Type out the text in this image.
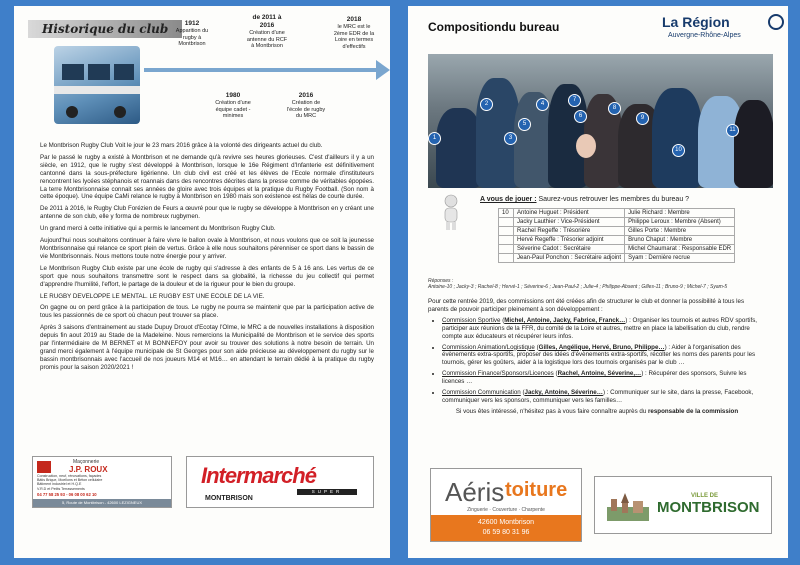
Historique du club	1912
Apparition du rugby à Montbrison
1980
Création d'une équipe cadet - minimes
de 2011 à 2016
Création d'une antenne du RCF à Montbrison
2016
Création de l'école de rugby du MRC
2018
le MRC est le 2ème EDR de la Loire en termes d'effectifs

Le Montbrison Rugby Club Voit le jour le 23 mars 2016 grâce à la volonté des dirigeants actuel du club.

Par le passé le rugby a existé à Montbrison et ne demande qu'à revivre ses heures glorieuses. C'est d'ailleurs il y a un siècle, en 1912, que le rugby s'est développé à Montbrison, lorsque le 16e Régiment d'Infanterie est définitivement cantonné dans la sous-préfecture ligérienne. Un club civil est créé et les élèves de l'Ecole normale d'instituteurs rencontrent les lycées stéphanois et roannais dans des rencontres décrites dans la presse comme de véritables épopées. La terre Montbrisonnaise connait ses années de gloire avec trois équipes et la pratique du Rugby Football. (Son nom à cette époque). Une équipe CaMi relance le rugby à Montbrison en 1980 mais son existence est hélas de courte durée.

De 2011 à 2016, le Rugby Club Forézien de Feurs a œuvré pour que le rugby se développe à Montbrison en y créant une antenne de son club, elle y forma de nombreux rugbymen.

Un grand merci à cette initiative qui a permis le lancement du Montbrison Rugby Club.

Aujourd'hui nous souhaitons continuer à faire vivre le ballon ovale à Montbrison, et nous voulons que ce soit la jeunesse Montbrisonnaise qui relance ce sport plein de vertus. Grâce à elle nous souhaitons pérenniser ce sport dans le bassin de vie Montbrisonnais. Nous mettons toute notre énergie pour y arriver.

Le Montbrison Rugby Club existe par une école de rugby qui s'adresse à des enfants de 5 à 16 ans. Les vertus de ce sport que nous souhaitons transmettre sont le respect dans sa globalité, la richesse du jeu collectif qui permet d'apprendre l'humilité, l'effort, le partage de la douleur et de la rigueur pour le bien du groupe.

LE RUGBY DEVELOPPE LE MENTAL. LE RUGBY EST UNE ECOLE DE LA VIE.

On gagne ou on perd grâce à la participation de tous. Le rugby ne pourra se maintenir que par la participation active de tous les passionnés de ce sport où chacun peut trouver sa place.

Après 3 saisons d'entrainement au stade Dupuy Drouot d'Ecotay l'Olme, le MRC a de nouvelles installations à disposition depuis fin aout 2019 au Stade de la Madeleine. Nous remercions la Municipalité de Montbrison et le service des sports par l'intermédiaire de M BERNET et M BONNEFOY pour avoir su trouver des solutions à notre besoin de terrain. Un grand merci également à l'équipe municipale de St Georges pour son aide précieuse au développement du rugby sur le bassin montbrisonnais avec l'accueil de nos joueurs M14 et M16… en attendant le terrain dédié à la pratique du rugby promis pour la saison 2020/2021 !

Maçonnerie
J.P. ROUX
Construction, neuf, rénovations, façades
Bâtis Brique, Moellons et Béton cellulaire
Bâtiment industriel et H.Q.E
V.R.D et Petits Terrassements
04 77 58 25 93 - 06 08 00 62 10
5, Route de Montbrison - 42600 LEZIGNEUX
Intermarché
SUPER
MONTBRISON
Compositiondu bureau	La Région
Auvergne-Rhône-Alpes
1
2
3
4
5
6
7
8
9
10
11
A vous de jouer : Saurez-vous retrouver les membres du bureau ?
10	Antoine Huguet : Président	Julie Richard : Membre
	Jacky Lauthier : Vice-Président	Philippe Leroux : Membre (Absent)
	Rachel Regeffe : Trésorière	Gilles Porte : Membre
	Hervé Regeffe : Trésorier adjoint	Bruno Chaput : Membre
	Séverine Cadot : Secrétaire	Michel Chaumarat : Responsable EDR
	Jean-Paul Ponchon : Secrétaire adjoint	Syam : Dernière recrue
Réponses :
Antoine-10 ; Jacky-3 ; Rachel-8 ; Hervé-1 ; Séverine-6 ; Jean-Paul-2 ; Julie-4 ; Philippe-Absent ; Gilles-11 ; Bruno-9 ; Michel-7 ; Syam-5

Pour cette rentrée 2019, des commissions ont été créées afin de structurer le club et donner la possibilité à tous les parents de pouvoir participer pleinement à son développement :

• Commission Sportive (Michel, Antoine, Jacky, Fabrice, Franck…) : Organiser les tournois et autres RDV sportifs, participer aux réunions de la FFR, du comité de la Loire et autres, mettre en place la labellisation du club, rendre compte aux éducateurs et récupérer leurs infos.
• Commission Animation/Logistique (Gilles, Angélique, Hervé, Bruno, Philippe…) : Aider à l'organisation des évènements extra-sportifs, proposer des idées d'évènements extra-sportifs, récolter les noms des parents pour les tournois, gérer les goûters, aider à la logistique lors des tournois organisés par le club …
• Commission Finance/Sponsors/Licences (Rachel, Antoine, Séverine,…) : Récupérer des sponsors, Suivre les licences …
• Commission Communication (Jacky, Antoine, Séverine…) : Communiquer sur le site, dans la presse, Facebook, communiquer vers les sponsors, communiquer vers les familles…

Si vous êtes intéressé, n'hésitez pas à vous faire connaître auprès du responsable de la commission

Aéris toiture
Zinguerie · Couverture · Charpente
42600 Montbrison
06 59 80 31 96
VILLE DE
MONTBRISON
